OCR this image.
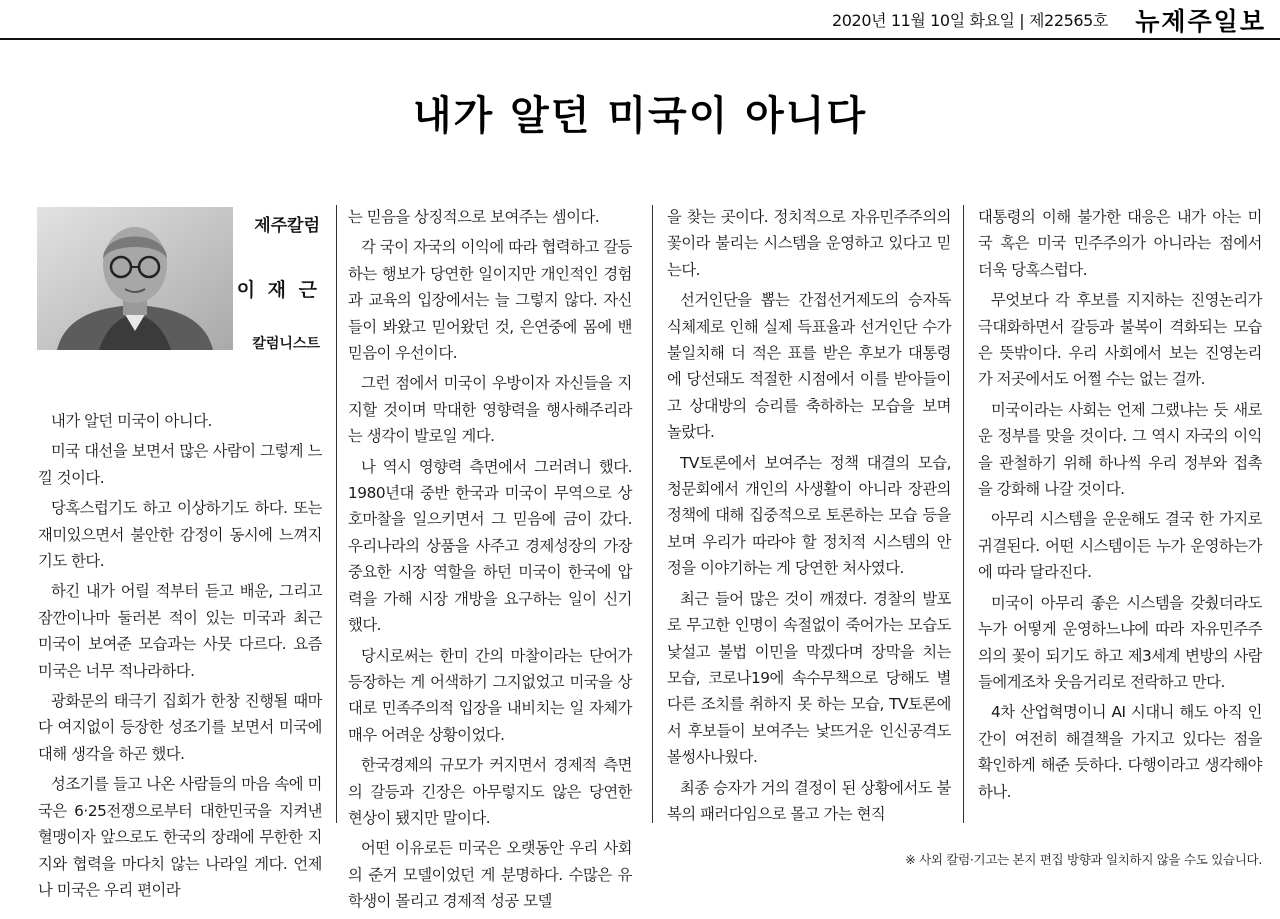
2020년 11월 10일 화요일 | 제22565호 뉴제주일보
내가 알던 미국이 아니다
제주칼럼
이 재 근
칼럼니스트

내가 알던 미국이 아니다.

미국 대선을 보면서 많은 사람이 그렇게 느낄 것이다.

당혹스럽기도 하고 이상하기도 하다. 또는 재미있으면서 불안한 감정이 동시에 느껴지기도 한다.

하긴 내가 어릴 적부터 듣고 배운, 그리고 잠깐이나마 둘러본 적이 있는 미국과 최근 미국이 보여준 모습과는 사뭇 다르다. 요즘 미국은 너무 적나라하다.

광화문의 태극기 집회가 한창 진행될 때마다 여지없이 등장한 성조기를 보면서 미국에 대해 생각을 하곤 했다.

성조기를 들고 나온 사람들의 마음 속에 미국은 6·25전쟁으로부터 대한민국을 지켜낸 혈맹이자 앞으로도 한국의 장래에 무한한 지지와 협력을 마다치 않는 나라일 게다. 언제나 미국은 우리 편이라

는 믿음을 상징적으로 보여주는 셈이다.

각 국이 자국의 이익에 따라 협력하고 갈등하는 행보가 당연한 일이지만 개인적인 경험과 교육의 입장에서는 늘 그렇지 않다. 자신들이 봐왔고 믿어왔던 것, 은연중에 몸에 밴 믿음이 우선이다.

그런 점에서 미국이 우방이자 자신들을 지지할 것이며 막대한 영향력을 행사해주리라는 생각이 발로일 게다.

나 역시 영향력 측면에서 그러려니 했다. 1980년대 중반 한국과 미국이 무역으로 상호마찰을 일으키면서 그 믿음에 금이 갔다. 우리나라의 상품을 사주고 경제성장의 가장 중요한 시장 역할을 하던 미국이 한국에 압력을 가해 시장 개방을 요구하는 일이 신기했다.

당시로써는 한미 간의 마찰이라는 단어가 등장하는 게 어색하기 그지없었고 미국을 상대로 민족주의적 입장을 내비치는 일 자체가 매우 어려운 상황이었다.

한국경제의 규모가 커지면서 경제적 측면의 갈등과 긴장은 아무렇지도 않은 당연한 현상이 됐지만 말이다.

어떤 이유로든 미국은 오랫동안 우리 사회의 준거 모델이었던 게 분명하다. 수많은 유학생이 몰리고 경제적 성공 모델

을 찾는 곳이다. 정치적으로 자유민주주의의 꽃이라 불리는 시스템을 운영하고 있다고 믿는다.

선거인단을 뽑는 간접선거제도의 승자독식체제로 인해 실제 득표율과 선거인단 수가 불일치해 더 적은 표를 받은 후보가 대통령에 당선돼도 적절한 시점에서 이를 받아들이고 상대방의 승리를 축하하는 모습을 보며 놀랐다.

TV토론에서 보여주는 정책 대결의 모습, 청문회에서 개인의 사생활이 아니라 장관의 정책에 대해 집중적으로 토론하는 모습 등을 보며 우리가 따라야 할 정치적 시스템의 안정을 이야기하는 게 당연한 처사였다.

최근 들어 많은 것이 깨졌다. 경찰의 발포로 무고한 인명이 속절없이 죽어가는 모습도 낯설고 불법 이민을 막겠다며 장막을 치는 모습, 코로나19에 속수무책으로 당해도 별다른 조치를 취하지 못 하는 모습, TV토론에서 후보들이 보여주는 낯뜨거운 인신공격도 볼썽사나웠다.

최종 승자가 거의 결정이 된 상황에서도 불복의 패러다임으로 몰고 가는 현직

대통령의 이해 불가한 대응은 내가 아는 미국 혹은 미국 민주주의가 아니라는 점에서 더욱 당혹스럽다.

무엇보다 각 후보를 지지하는 진영논리가 극대화하면서 갈등과 불복이 격화되는 모습은 뜻밖이다. 우리 사회에서 보는 진영논리가 저곳에서도 어쩔 수는 없는 걸까.

미국이라는 사회는 언제 그랬냐는 듯 새로운 정부를 맞을 것이다. 그 역시 자국의 이익을 관철하기 위해 하나씩 우리 정부와 접촉을 강화해 나갈 것이다.

아무리 시스템을 운운해도 결국 한 가지로 귀결된다. 어떤 시스템이든 누가 운영하는가에 따라 달라진다.

미국이 아무리 좋은 시스템을 갖췄더라도 누가 어떻게 운영하느냐에 따라 자유민주주의의 꽃이 되기도 하고 제3세계 변방의 사람들에게조차 웃음거리로 전락하고 만다.

4차 산업혁명이니 AI 시대니 해도 아직 인간이 여전히 해결책을 가지고 있다는 점을 확인하게 해준 듯하다. 다행이라고 생각해야 하나.

※ 사외 칼럼·기고는 본지 편집 방향과 일치하지 않을 수도 있습니다.
